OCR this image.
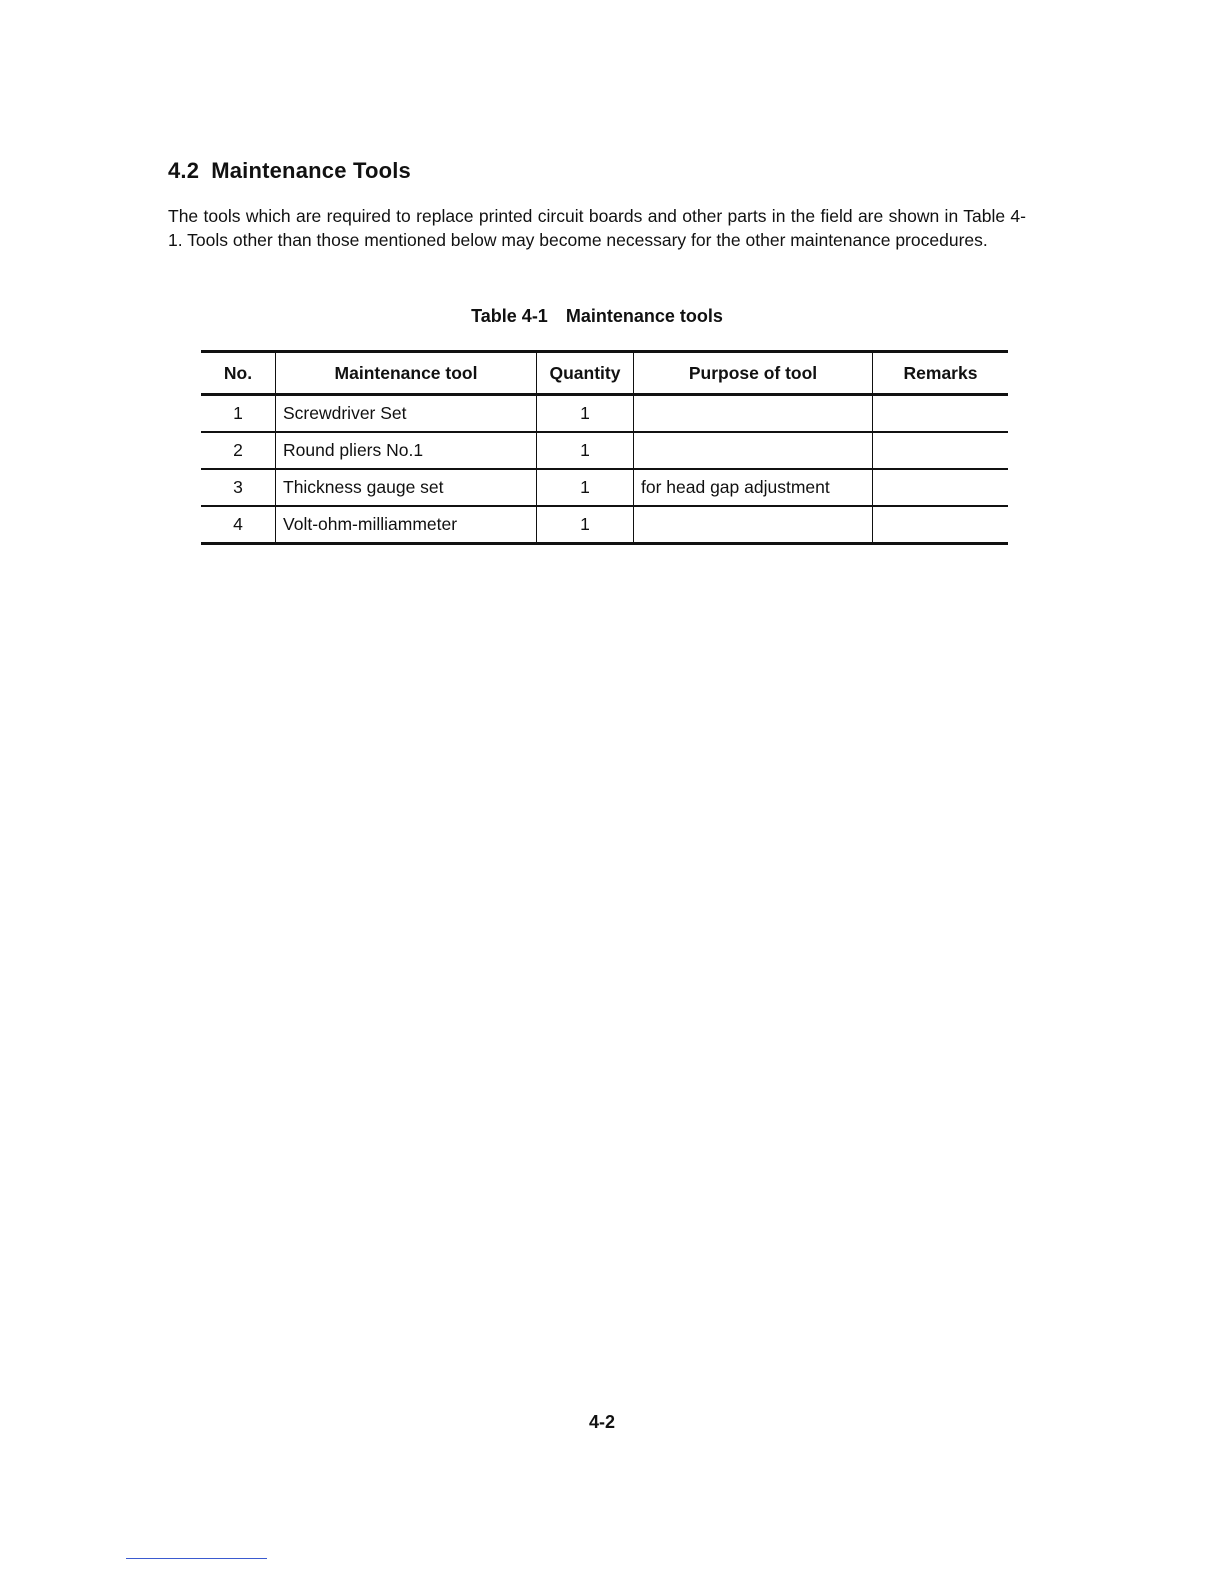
4.2 Maintenance Tools

The tools which are required to replace printed circuit boards and other parts in the field are shown in Table 4-1. Tools other than those mentioned below may become necessary for the other maintenance procedures.

Table 4-1 Maintenance tools
No.	Maintenance tool	Quantity	Purpose of tool	Remarks
1	Screwdriver Set	1		
2	Round pliers No.1	1		
3	Thickness gauge set	1	for head gap adjustment	
4	Volt-ohm-milliammeter	1		
4-2
